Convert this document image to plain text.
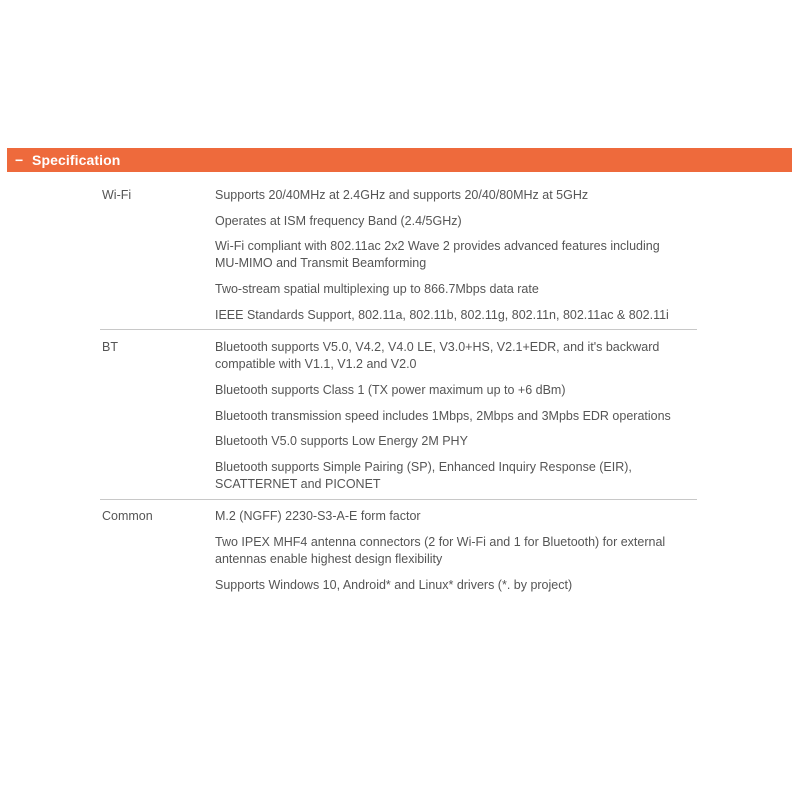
− Specification
Wi-Fi	Supports 20/40MHz at 2.4GHz and supports 20/40/80MHz at 5GHz
Operates at ISM frequency Band (2.4/5GHz)
Wi-Fi compliant with 802.11ac 2x2 Wave 2 provides advanced features including MU-MIMO and Transmit Beamforming
Two-stream spatial multiplexing up to 866.7Mbps data rate
IEEE Standards Support, 802.11a, 802.11b, 802.11g, 802.11n, 802.11ac & 802.11i
BT	Bluetooth supports V5.0, V4.2, V4.0 LE, V3.0+HS, V2.1+EDR, and it's backward compatible with V1.1, V1.2 and V2.0
Bluetooth supports Class 1 (TX power maximum up to +6 dBm)
Bluetooth transmission speed includes 1Mbps, 2Mbps and 3Mpbs EDR operations
Bluetooth V5.0 supports Low Energy 2M PHY
Bluetooth supports Simple Pairing (SP), Enhanced Inquiry Response (EIR), SCATTERNET and PICONET
Common	M.2 (NGFF) 2230-S3-A-E form factor
Two IPEX MHF4 antenna connectors (2 for Wi-Fi and 1 for Bluetooth) for external antennas enable highest design flexibility
Supports Windows 10, Android* and Linux* drivers (*. by project)
